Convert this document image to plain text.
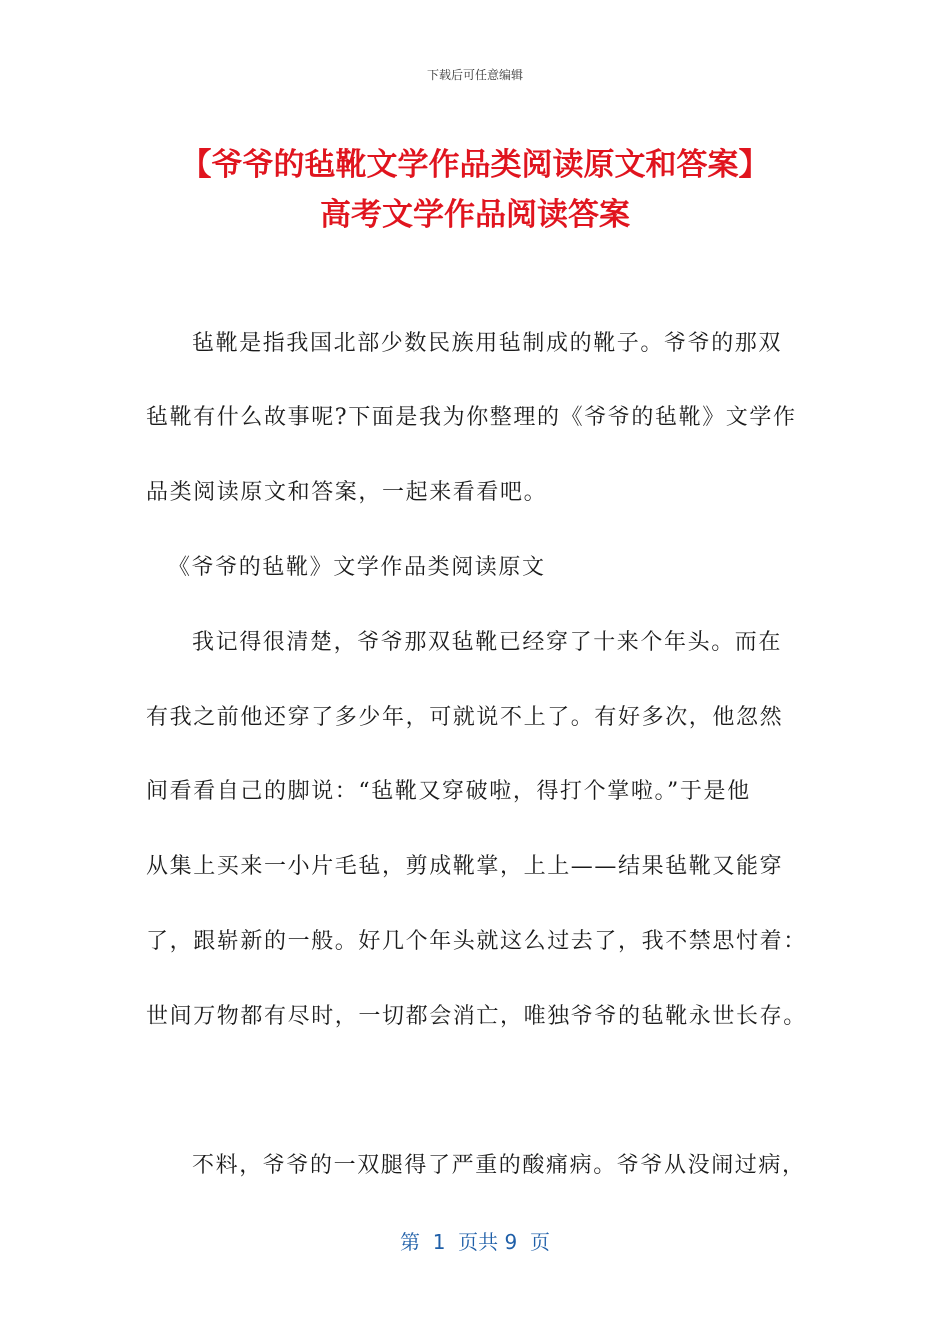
下载后可任意编辑
【爷爷的毡靴文学作品类阅读原文和答案】
高考文学作品阅读答案
毡靴是指我国北部少数民族用毡制成的靴子。爷爷的那双
毡靴有什么故事呢?下面是我为你整理的《爷爷的毡靴》文学作
品类阅读原文和答案，一起来看看吧。
《爷爷的毡靴》文学作品类阅读原文
我记得很清楚，爷爷那双毡靴已经穿了十来个年头。而在
有我之前他还穿了多少年，可就说不上了。有好多次，他忽然
间看看自己的脚说：“毡靴又穿破啦，得打个掌啦。”于是他
从集上买来一小片毛毡，剪成靴掌，上上——结果毡靴又能穿
了，跟崭新的一般。好几个年头就这么过去了，我不禁思忖着：
世间万物都有尽时，一切都会消亡，唯独爷爷的毡靴永世长存。
不料，爷爷的一双腿得了严重的酸痛病。爷爷从没闹过病，
第  1  页共 9  页
